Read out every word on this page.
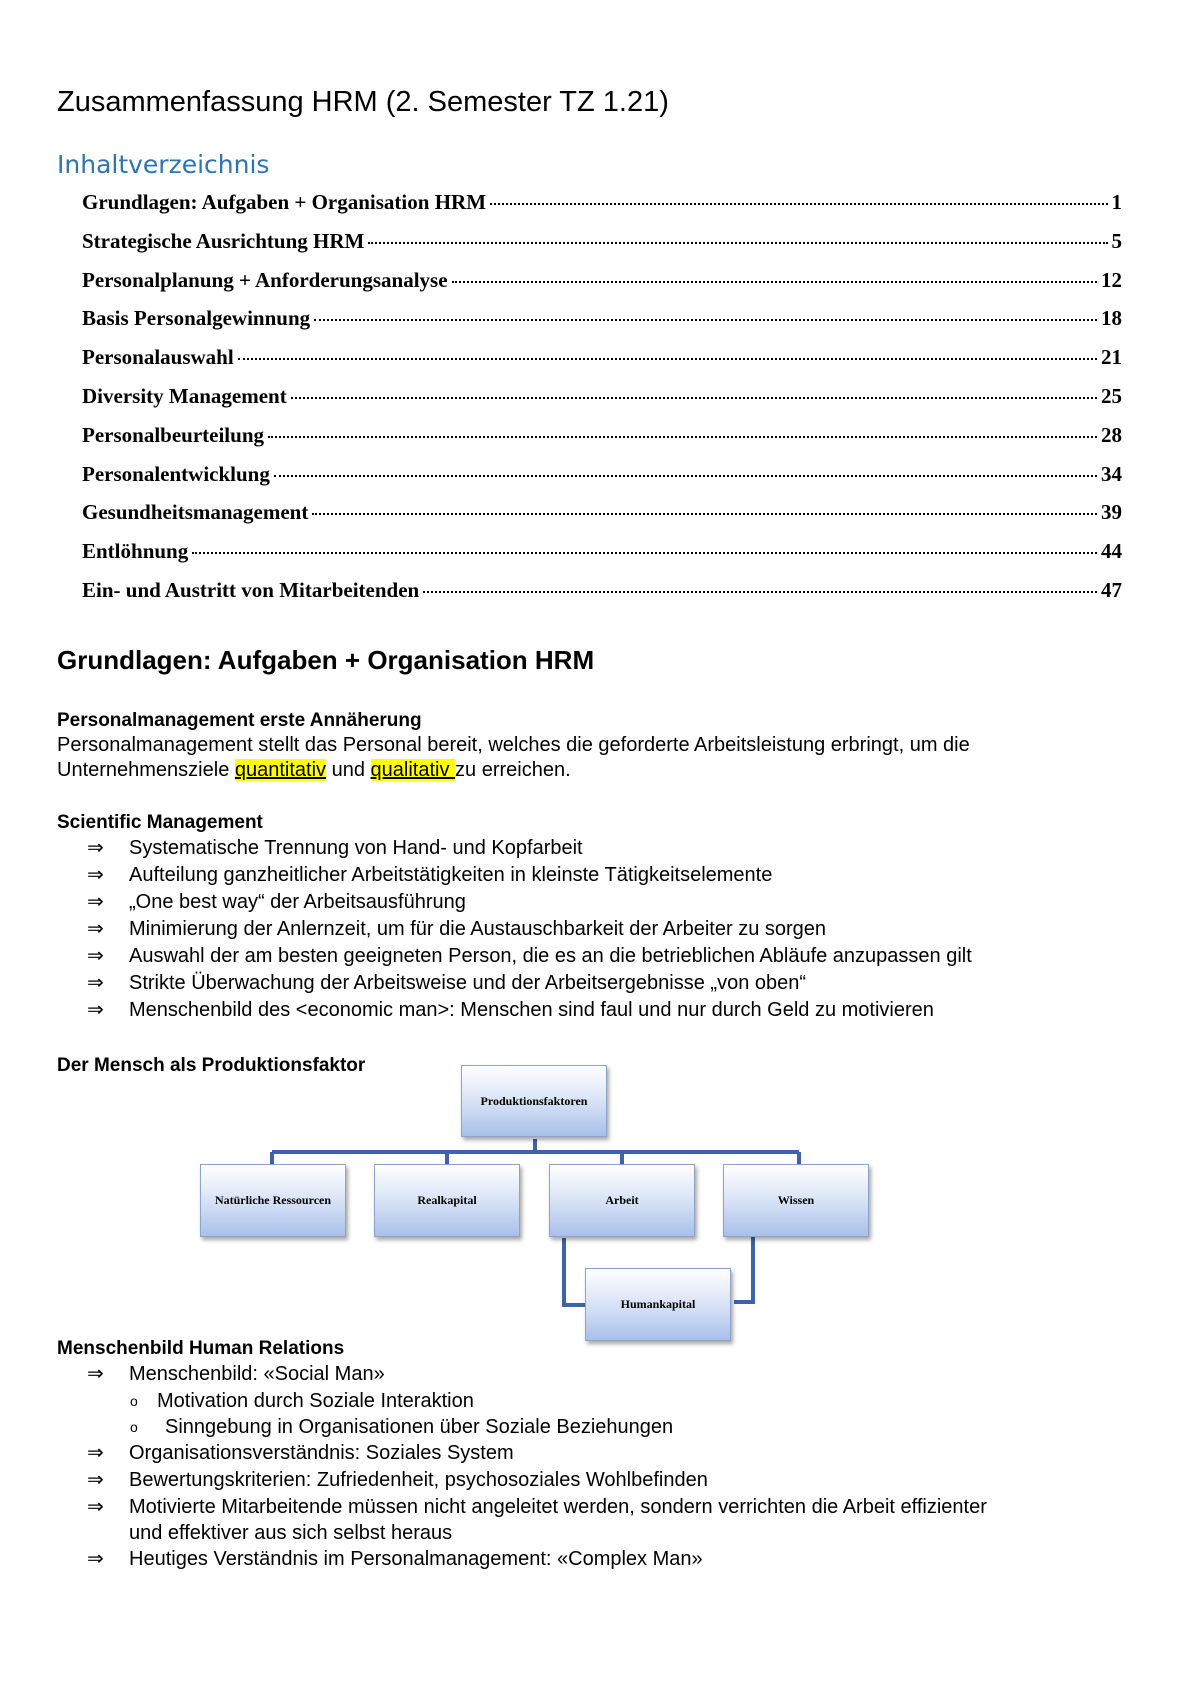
Zusammenfassung HRM (2. Semester TZ 1.21)
Inhaltverzeichnis
Grundlagen: Aufgaben + Organisation HRM	1
Strategische Ausrichtung HRM	5
Personalplanung + Anforderungsanalyse	12
Basis Personalgewinnung	18
Personalauswahl	21
Diversity Management	25
Personalbeurteilung	28
Personalentwicklung	34
Gesundheitsmanagement	39
Entlöhnung	44
Ein- und Austritt von Mitarbeitenden	47
Grundlagen: Aufgaben + Organisation HRM
Personalmanagement erste Annäherung
Personalmanagement stellt das Personal bereit, welches die geforderte Arbeitsleistung erbringt, um die
Unternehmensziele quantitativ und qualitativ zu erreichen.
Scientific Management
⇒ Systematische Trennung von Hand- und Kopfarbeit
⇒ Aufteilung ganzheitlicher Arbeitstätigkeiten in kleinste Tätigkeitselemente
⇒ „One best way“ der Arbeitsausführung
⇒ Minimierung der Anlernzeit, um für die Austauschbarkeit der Arbeiter zu sorgen
⇒ Auswahl der am besten geeigneten Person, die es an die betrieblichen Abläufe anzupassen gilt
⇒ Strikte Überwachung der Arbeitsweise und der Arbeitsergebnisse „von oben“
⇒ Menschenbild des <economic man>: Menschen sind faul und nur durch Geld zu motivieren
Der Mensch als Produktionsfaktor
Produktionsfaktoren
Natürliche Ressourcen	Realkapital	Arbeit	Wissen
Humankapital
Menschenbild Human Relations
⇒ Menschenbild: «Social Man»
o Motivation durch Soziale Interaktion
o Sinngebung in Organisationen über Soziale Beziehungen
⇒ Organisationsverständnis: Soziales System
⇒ Bewertungskriterien: Zufriedenheit, psychosoziales Wohlbefinden
⇒ Motivierte Mitarbeitende müssen nicht angeleitet werden, sondern verrichten die Arbeit effizienter
und effektiver aus sich selbst heraus
⇒ Heutiges Verständnis im Personalmanagement: «Complex Man»
